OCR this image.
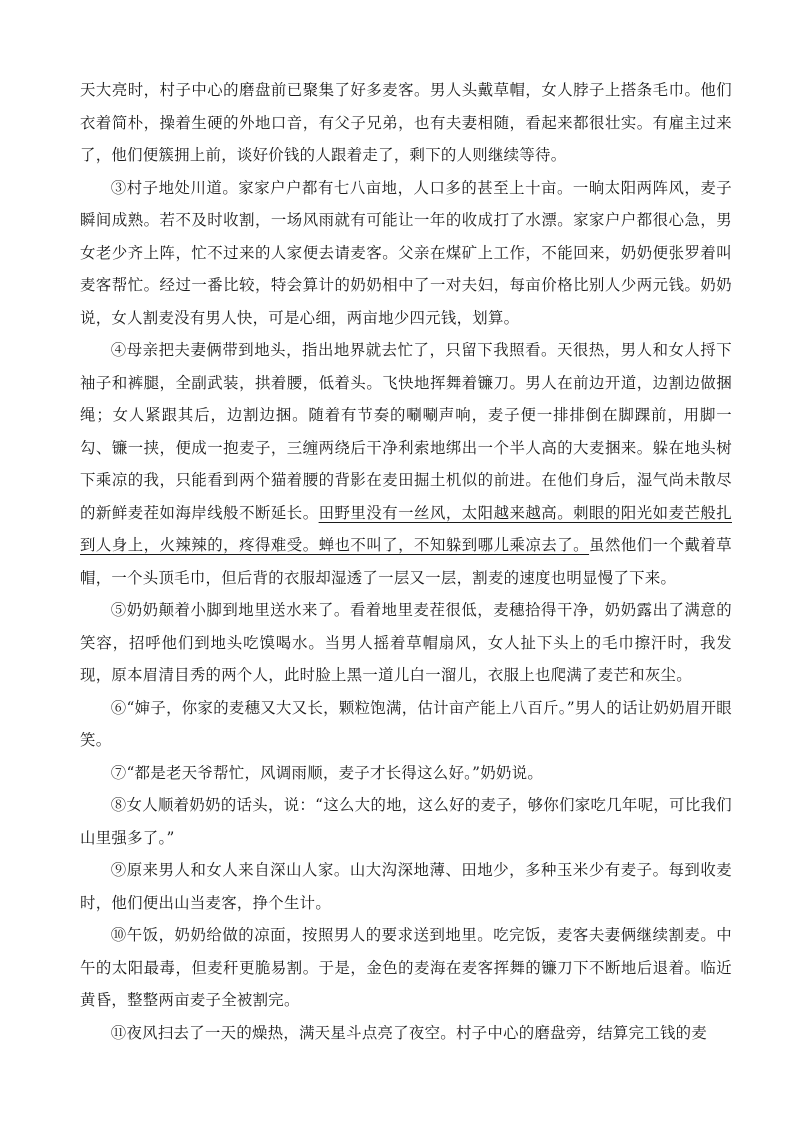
天大亮时，村子中心的磨盘前已聚集了好多麦客。男人头戴草帽，女人脖子上搭条毛巾。他们衣着简朴，操着生硬的外地口音，有父子兄弟，也有夫妻相随，看起来都很壮实。有雇主过来了，他们便簇拥上前，谈好价钱的人跟着走了，剩下的人则继续等待。

③村子地处川道。家家户户都有七八亩地，人口多的甚至上十亩。一晌太阳两阵风，麦子瞬间成熟。若不及时收割，一场风雨就有可能让一年的收成打了水漂。家家户户都很心急，男女老少齐上阵，忙不过来的人家便去请麦客。父亲在煤矿上工作，不能回来，奶奶便张罗着叫麦客帮忙。经过一番比较，特会算计的奶奶相中了一对夫妇，每亩价格比别人少两元钱。奶奶说，女人割麦没有男人快，可是心细，两亩地少四元钱，划算。

④母亲把夫妻俩带到地头，指出地界就去忙了，只留下我照看。天很热，男人和女人捋下袖子和裤腿，全副武装，拱着腰，低着头。飞快地挥舞着镰刀。男人在前边开道，边割边做捆绳；女人紧跟其后，边割边捆。随着有节奏的唰唰声响，麦子便一排排倒在脚踝前，用脚一勾、镰一挟，便成一抱麦子，三缠两绕后干净利索地绑出一个半人高的大麦捆来。躲在地头树下乘凉的我，只能看到两个猫着腰的背影在麦田掘土机似的前进。在他们身后，湿气尚未散尽的新鲜麦茬如海岸线般不断延长。田野里没有一丝风，太阳越来越高。刺眼的阳光如麦芒般扎到人身上，火辣辣的，疼得难受。蝉也不叫了，不知躲到哪儿乘凉去了。虽然他们一个戴着草帽，一个头顶毛巾，但后背的衣服却湿透了一层又一层，割麦的速度也明显慢了下来。

⑤奶奶颠着小脚到地里送水来了。看着地里麦茬很低，麦穗拾得干净，奶奶露出了满意的笑容，招呼他们到地头吃馍喝水。当男人摇着草帽扇风，女人扯下头上的毛巾擦汗时，我发现，原本眉清目秀的两个人，此时脸上黑一道儿白一溜儿，衣服上也爬满了麦芒和灰尘。

⑥“婶子，你家的麦穗又大又长，颗粒饱满，估计亩产能上八百斤。”男人的话让奶奶眉开眼笑。

⑦“都是老天爷帮忙，风调雨顺，麦子才长得这么好。”奶奶说。

⑧女人顺着奶奶的话头，说：“这么大的地，这么好的麦子，够你们家吃几年呢，可比我们山里强多了。”

⑨原来男人和女人来自深山人家。山大沟深地薄、田地少，多种玉米少有麦子。每到收麦时，他们便出山当麦客，挣个生计。

⑩午饭，奶奶给做的凉面，按照男人的要求送到地里。吃完饭，麦客夫妻俩继续割麦。中午的太阳最毒，但麦秆更脆易割。于是，金色的麦海在麦客挥舞的镰刀下不断地后退着。临近黄昏，整整两亩麦子全被割完。

⑪夜风扫去了一天的燥热，满天星斗点亮了夜空。村子中心的磨盘旁，结算完工钱的麦
